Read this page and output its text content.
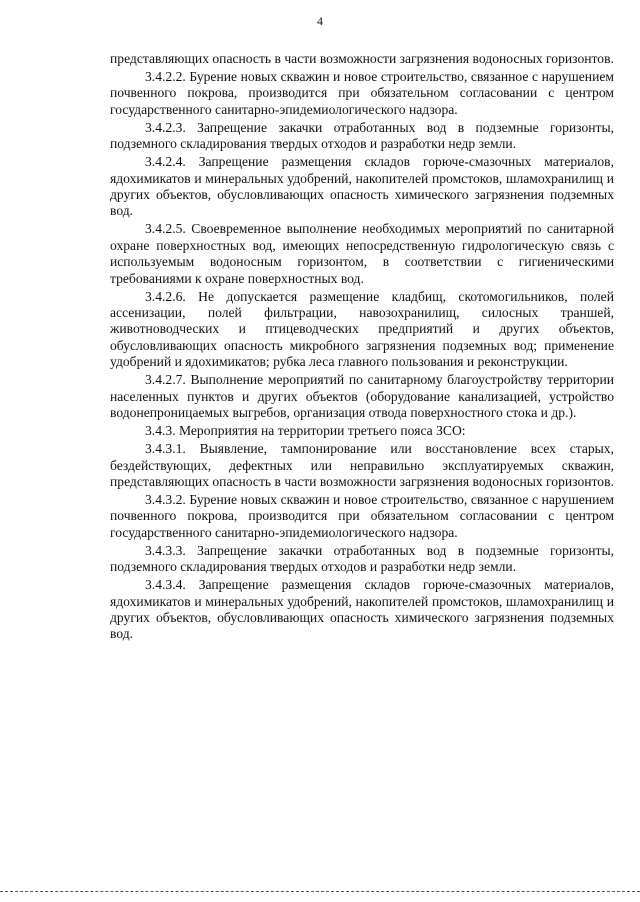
4

представляющих опасность в части возможности загрязнения водоносных горизонтов.

3.4.2.2. Бурение новых скважин и новое строительство, связанное с нарушением почвенного покрова, производится при обязательном согласовании с центром государственного санитарно-эпидемиологического надзора.

3.4.2.3. Запрещение закачки отработанных вод в подземные горизонты, подземного складирования твердых отходов и разработки недр земли.

3.4.2.4. Запрещение размещения складов горюче-смазочных материалов, ядохимикатов и минеральных удобрений, накопителей промстоков, шламохранилищ и других объектов, обусловливающих опасность химического загрязнения подземных вод.

3.4.2.5. Своевременное выполнение необходимых мероприятий по санитарной охране поверхностных вод, имеющих непосредственную гидрологическую связь с используемым водоносным горизонтом, в соответствии с гигиеническими требованиями к охране поверхностных вод.

3.4.2.6. Не допускается размещение кладбищ, скотомогильников, полей ассенизации, полей фильтрации, навозохранилищ, силосных траншей, животноводческих и птицеводческих предприятий и других объектов, обусловливающих опасность микробного загрязнения подземных вод; применение удобрений и ядохимикатов; рубка леса главного пользования и реконструкции.

3.4.2.7. Выполнение мероприятий по санитарному благоустройству территории населенных пунктов и других объектов (оборудование канализацией, устройство водонепроницаемых выгребов, организация отвода поверхностного стока и др.).

3.4.3. Мероприятия на территории третьего пояса ЗСО:

3.4.3.1. Выявление, тампонирование или восстановление всех старых, бездействующих, дефектных или неправильно эксплуатируемых скважин, представляющих опасность в части возможности загрязнения водоносных горизонтов.

3.4.3.2. Бурение новых скважин и новое строительство, связанное с нарушением почвенного покрова, производится при обязательном согласовании с центром государственного санитарно-эпидемиологического надзора.

3.4.3.3. Запрещение закачки отработанных вод в подземные горизонты, подземного складирования твердых отходов и разработки недр земли.

3.4.3.4. Запрещение размещения складов горюче-смазочных материалов, ядохимикатов и минеральных удобрений, накопителей промстоков, шламохранилищ и других объектов, обусловливающих опасность химического загрязнения подземных вод.
